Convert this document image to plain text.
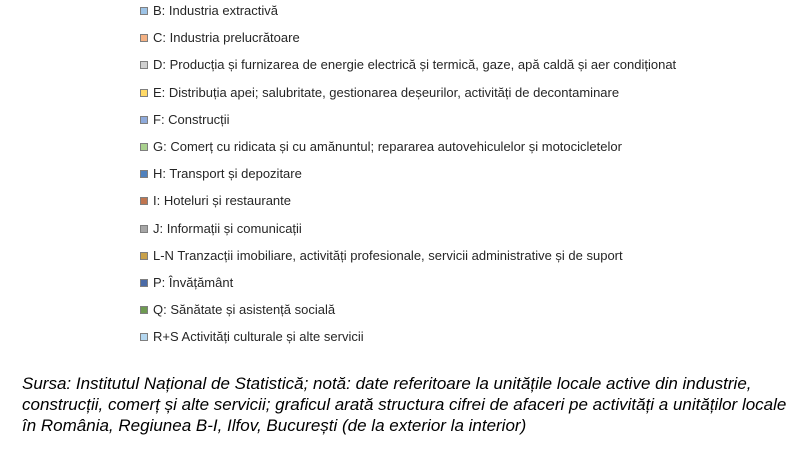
B: Industria extractivă
C: Industria prelucrătoare
D: Producția și furnizarea de energie electrică și termică, gaze, apă caldă și aer condiționat
E: Distribuția apei; salubritate, gestionarea deșeurilor, activități de decontaminare
F: Construcții
G: Comerț cu ridicata și cu amănuntul; repararea autovehiculelor și motocicletelor
H: Transport și depozitare
I: Hoteluri și restaurante
J: Informații și comunicații
L-N Tranzacții imobiliare, activități profesionale, servicii administrative și de suport
P: Învățământ
Q: Sănătate și asistență socială
R+S Activități culturale și alte servicii

Sursa: Institutul Național de Statistică; notă: date referitoare la unitățile locale active din industrie, construcții, comerț și alte servicii; graficul arată structura cifrei de afaceri pe activități a unităților locale în România, Regiunea B-I, Ilfov, București (de la exterior la interior)
